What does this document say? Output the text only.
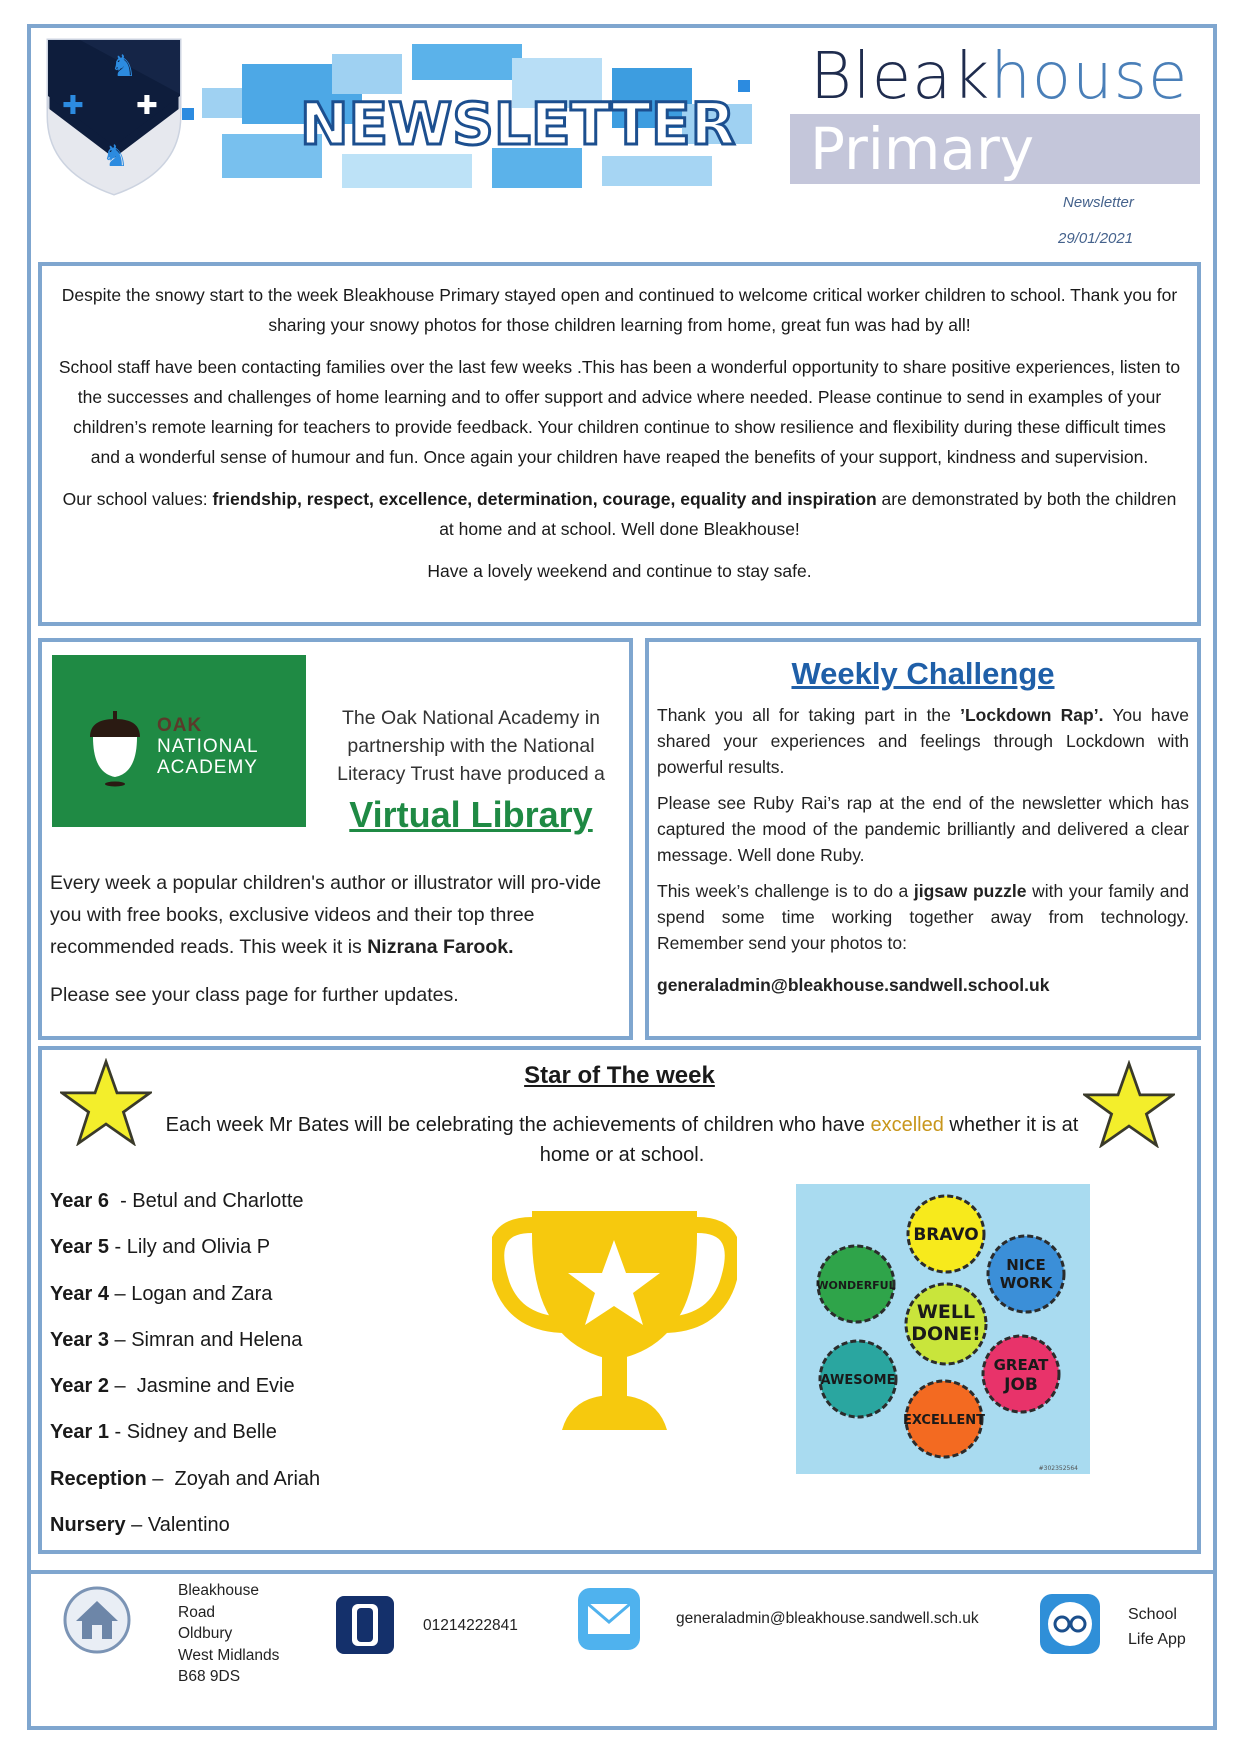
♞
✚ ✚
♞	NEWSLETTER
Bleakhouse
Primary School	Newsletter
29/01/2021

Despite the snowy start to the week Bleakhouse Primary stayed open and continued to welcome critical worker children to school. Thank you for sharing your snowy photos for those children learning from home, great fun was had by all!

School staff have been contacting families over the last few weeks .This has been a wonderful opportunity to share positive experiences, listen to the successes and challenges of home learning and to offer support and advice where needed. Please continue to send in examples of your children’s remote learning for teachers to provide feedback. Your children continue to show resilience and flexibility during these difficult times and a wonderful sense of humour and fun. Once again your children have reaped the benefits of your support, kindness and supervision.

Our school values: friendship, respect, excellence, determination, courage, equality and inspiration are demonstrated by both the children at home and at school. Well done Bleakhouse!

Have a lovely weekend and continue to stay safe.

OAK
NATIONAL
ACADEMY
The Oak National Academy in partnership with the National Literacy Trust have produced a
Virtual Library
Every week a popular children's author or illustrator will pro-vide you with free books, exclusive videos and their top three recommended reads. This week it is Nizrana Farook.
Please see your class page for further updates.
Weekly Challenge

Thank you all for taking part in the ’Lockdown Rap’. You have shared your experiences and feelings through Lockdown with powerful results.

Please see Ruby Rai’s rap at the end of the newsletter which has captured the mood of the pandemic brilliantly and delivered a clear message. Well done Ruby.

This week’s challenge is to do a jigsaw puzzle with your family and spend some time working together away from technology. Remember send your photos to:

generaladmin@bleakhouse.sandwell.school.uk

Star of The week
Each week Mr Bates will be celebrating the achievements of children who have excelled whether it is at home or at school.
Year 6  - Betul and Charlotte
Year 5 - Lily and Olivia P
Year 4 – Logan and Zara
Year 3 – Simran and Helena
Year 2 –  Jasmine and Evie
Year 1 - Sidney and Belle
Reception –  Zoyah and Ariah
Nursery – Valentino
BRAVO
NICE
WORK
WONDERFUL
WELL
DONE!
GREAT
JOB
AWESOME
EXCELLENT
#302352564
Bleakhouse
Road
Oldbury
West Midlands
B68 9DS
01214222841	generaladmin@bleakhouse.sandwell.sch.uk	School
Life App
